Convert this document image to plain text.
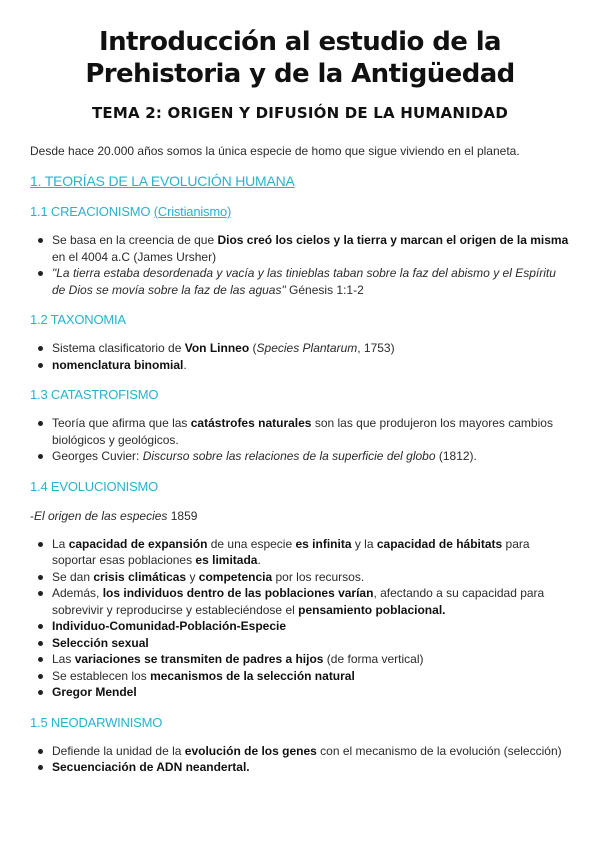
Introducción al estudio de la Prehistoria y de la Antigüedad
TEMA 2: ORIGEN Y DIFUSIÓN DE LA HUMANIDAD

Desde hace 20.000 años somos la única especie de homo que sigue viviendo en el planeta.

1. TEORÍAS DE LA EVOLUCIÓN HUMANA
1.1 CREACIONISMO (Cristianismo)
Se basa en la creencia de que Dios creó los cielos y la tierra y marcan el origen de la misma en el 4004 a.C (James Ursher)
"La tierra estaba desordenada y vacía y las tinieblas taban sobre la faz del abismo y el Espíritu de Dios se movía sobre la faz de las aguas" Génesis 1:1-2
1.2 TAXONOMIA
Sistema clasificatorio de Von Linneo (Species Plantarum, 1753)
nomenclatura binomial.
1.3 CATASTROFISMO
Teoría que afirma que las catástrofes naturales son las que produjeron los mayores cambios biológicos y geológicos.
Georges Cuvier: Discurso sobre las relaciones de la superficie del globo (1812).
1.4 EVOLUCIONISMO

-El origen de las especies 1859

La capacidad de expansión de una especie es infinita y la capacidad de hábitats para soportar esas poblaciones es limitada.
Se dan crisis climáticas y competencia por los recursos.
Además, los individuos dentro de las poblaciones varían, afectando a su capacidad para sobrevivir y reproducirse y estableciéndose el pensamiento poblacional.
Individuo-Comunidad-Población-Especie
Selección sexual
Las variaciones se transmiten de padres a hijos (de forma vertical)
Se establecen los mecanismos de la selección natural
Gregor Mendel
1.5 NEODARWINISMO
Defiende la unidad de la evolución de los genes con el mecanismo de la evolución (selección)
Secuenciación de ADN neandertal.
